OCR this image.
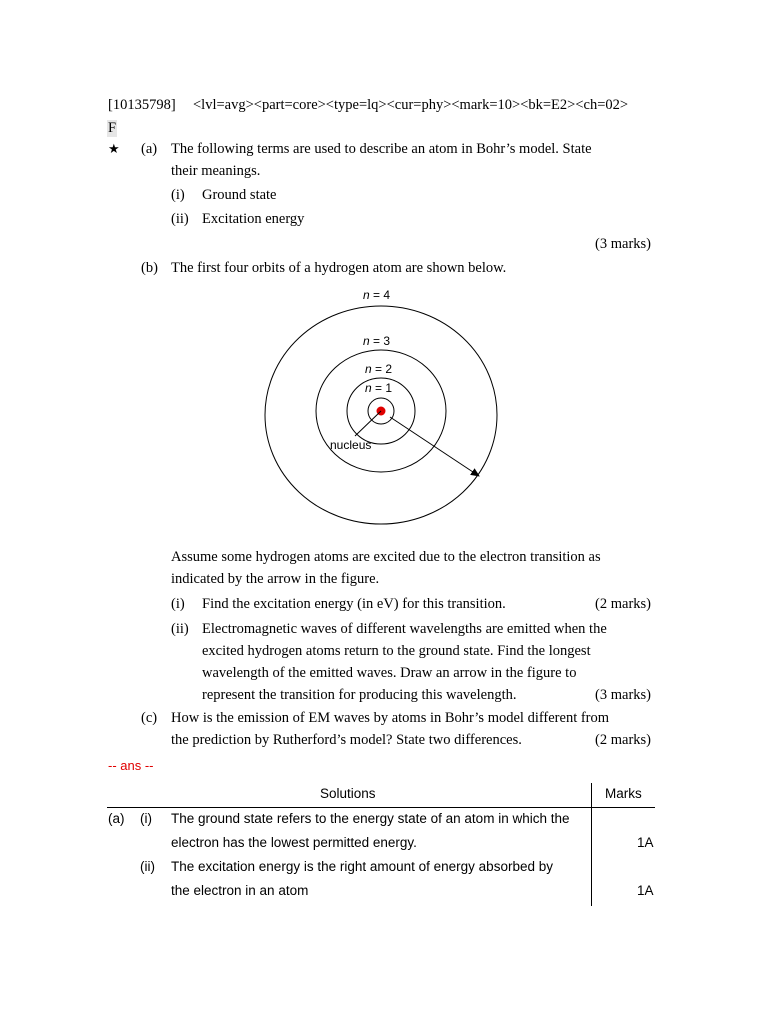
[10135798] <lvl=avg><part=core><type=lq><cur=phy><mark=10><bk=E2><ch=02>
F
★ (a) The following terms are used to describe an atom in Bohr’s model. State
their meanings.
(i) Ground state
(ii) Excitation energy
(3 marks)
(b) The first four orbits of a hydrogen atom are shown below.
n = 4
n = 3
n = 2
n = 1
nucleus
Assume some hydrogen atoms are excited due to the electron transition as
indicated by the arrow in the figure.
(i) Find the excitation energy (in eV) for this transition.	(2 marks)
(ii) Electromagnetic waves of different wavelengths are emitted when the
excited hydrogen atoms return to the ground state. Find the longest
wavelength of the emitted waves. Draw an arrow in the figure to
represent the transition for producing this wavelength.	(3 marks)
(c) How is the emission of EM waves by atoms in Bohr’s model different from
the prediction by Rutherford’s model? State two differences.	(2 marks)
-- ans --
Solutions	Marks
(a) (i) The ground state refers to the energy state of an atom in which the
electron has the lowest permitted energy.	1A
(ii) The excitation energy is the right amount of energy absorbed by
the electron in an atom	1A
